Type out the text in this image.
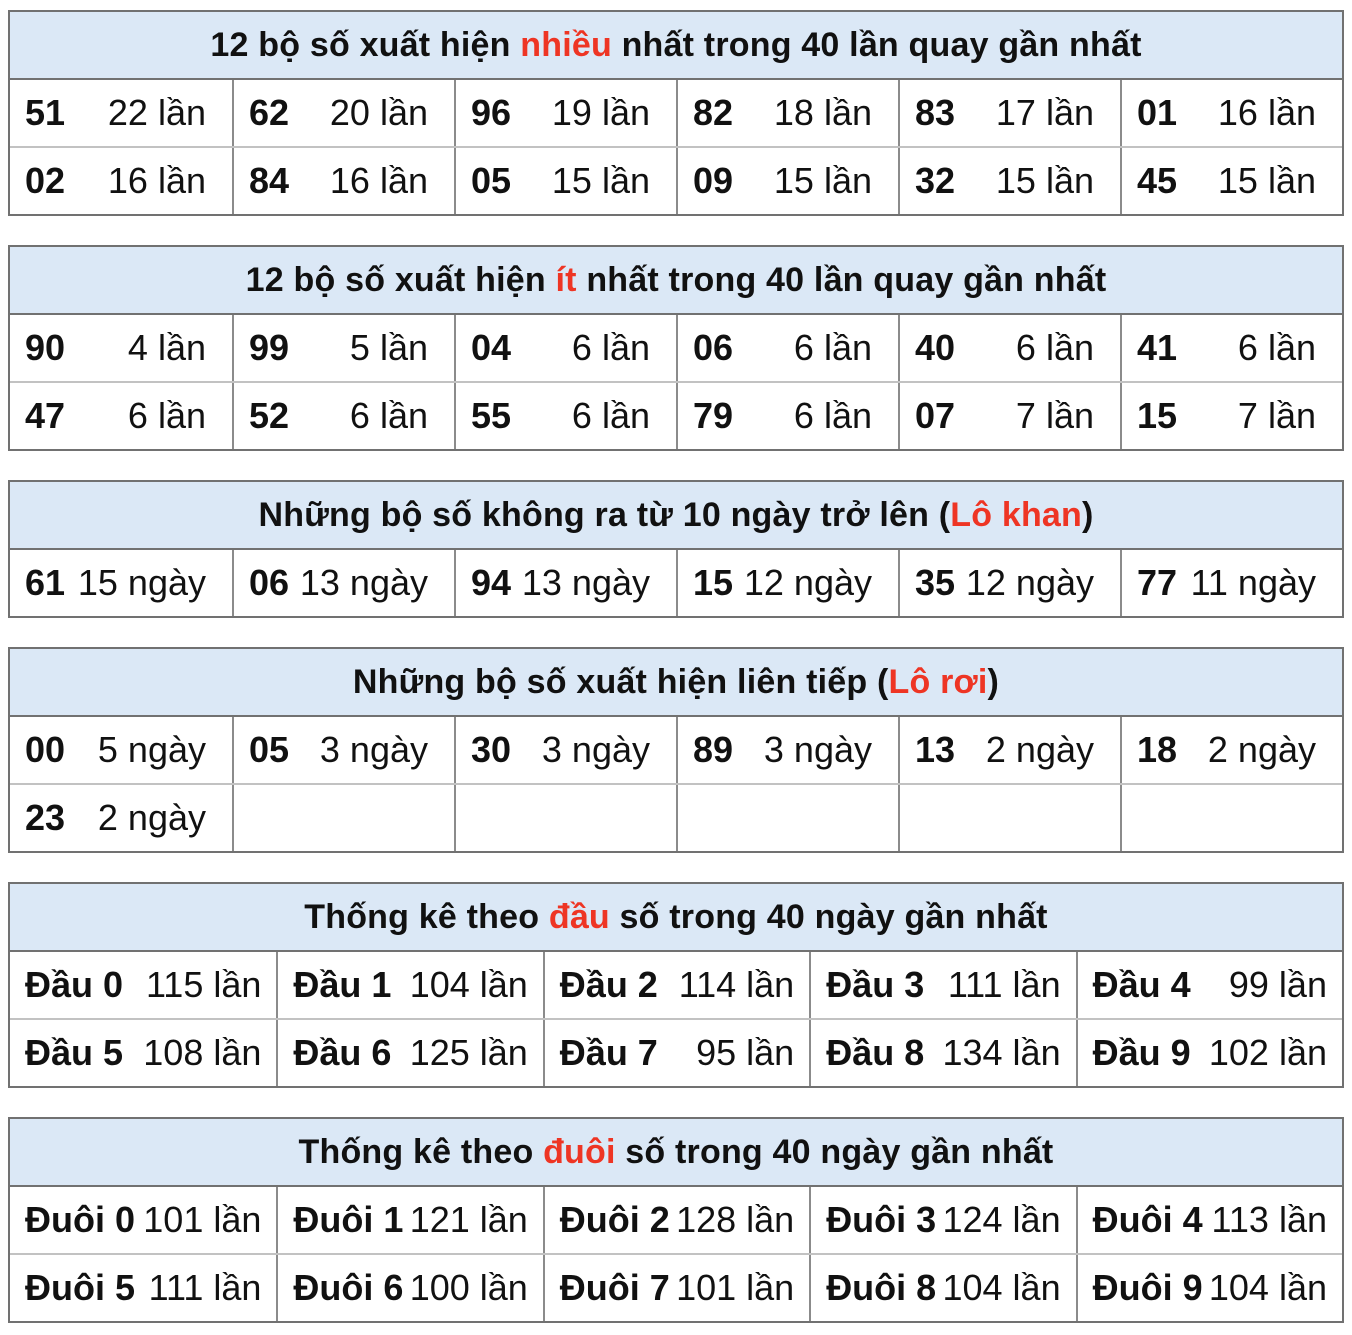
12 bộ số xuất hiện nhiều nhất trong 40 lần quay gần nhất
51 22 lần 62 20 lần 96 19 lần 82 18 lần 83 17 lần 01 16 lần
02 16 lần 84 16 lần 05 15 lần 09 15 lần 32 15 lần 45 15 lần
12 bộ số xuất hiện ít nhất trong 40 lần quay gần nhất
90 4 lần 99 5 lần 04 6 lần 06 6 lần 40 6 lần 41 6 lần
47 6 lần 52 6 lần 55 6 lần 79 6 lần 07 7 lần 15 7 lần
Những bộ số không ra từ 10 ngày trở lên ( Lô khan )
61 15 ngày 06 13 ngày 94 13 ngày 15 12 ngày 35 12 ngày 77 11 ngày
Những bộ số xuất hiện liên tiếp ( Lô rơi )
00 5 ngày 05 3 ngày 30 3 ngày 89 3 ngày 13 2 ngày 18 2 ngày
23 2 ngày
Thống kê theo đầu số trong 40 ngày gần nhất
Đầu 0 115 lần Đầu 1 104 lần Đầu 2 114 lần Đầu 3 111 lần Đầu 4 99 lần
Đầu 5 108 lần Đầu 6 125 lần Đầu 7 95 lần Đầu 8 134 lần Đầu 9 102 lần
Thống kê theo đuôi số trong 40 ngày gần nhất
Đuôi 0 101 lần Đuôi 1 121 lần Đuôi 2 128 lần Đuôi 3 124 lần Đuôi 4 113 lần
Đuôi 5 111 lần Đuôi 6 100 lần Đuôi 7 101 lần Đuôi 8 104 lần Đuôi 9 104 lần
